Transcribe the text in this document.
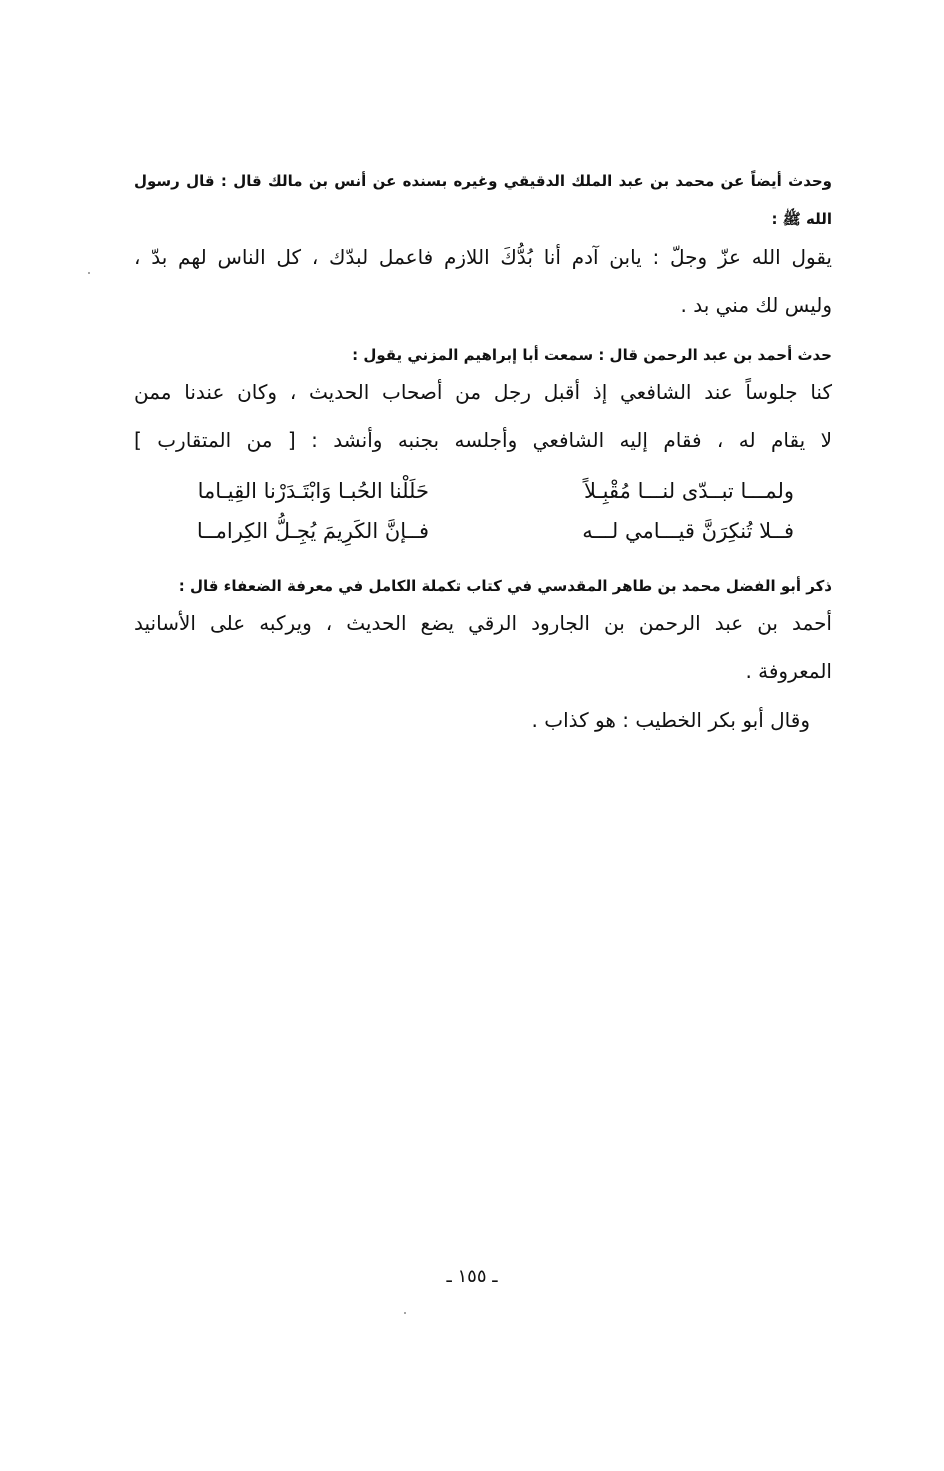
وحدث أيضاً عن محمد بن عبد الملك الدقيقي وغيره بسنده عن أنس بن مالك قال : قال رسول
الله ﷺ :
يقول الله عزّ وجلّ : يابن آدم أنا بُدُّكَ اللازم فاعمل لبدّك ، كل الناس لهم بدّ ،
وليس لك مني بد .
حدث أحمد بن عبد الرحمن قال : سمعت أبا إبراهيم المزني يقول :
كنا جلوساً عند الشافعي إذ أقبل رجل من أصحاب الحديث ، وكان عندنا ممن
لا يقام له ، فقام إليه الشافعي وأجلسه بجنبه وأنشد : [ من المتقارب ]
ولمـــا تبــدّى لنـــا مُقْبِـلاً
حَلَلْنا الحُبـا وَابْتَـدَرْنا القِيـاما
فــلا تُنكِرَنَّ قيـــامي لـــه
فــإنَّ الكَرِيمَ يُجِـلُّ الكِرامــا
ذكر أبو الفضل محمد بن طاهر المقدسي في كتاب تكملة الكامل في معرفة الضعفاء قال :
أحمد بن عبد الرحمن بن الجارود الرقي يضع الحديث ، ويركبه على الأسانيد
المعروفة .
وقال أبو بكر الخطيب : هو كذاب .
ـ ١٥٥ ـ
